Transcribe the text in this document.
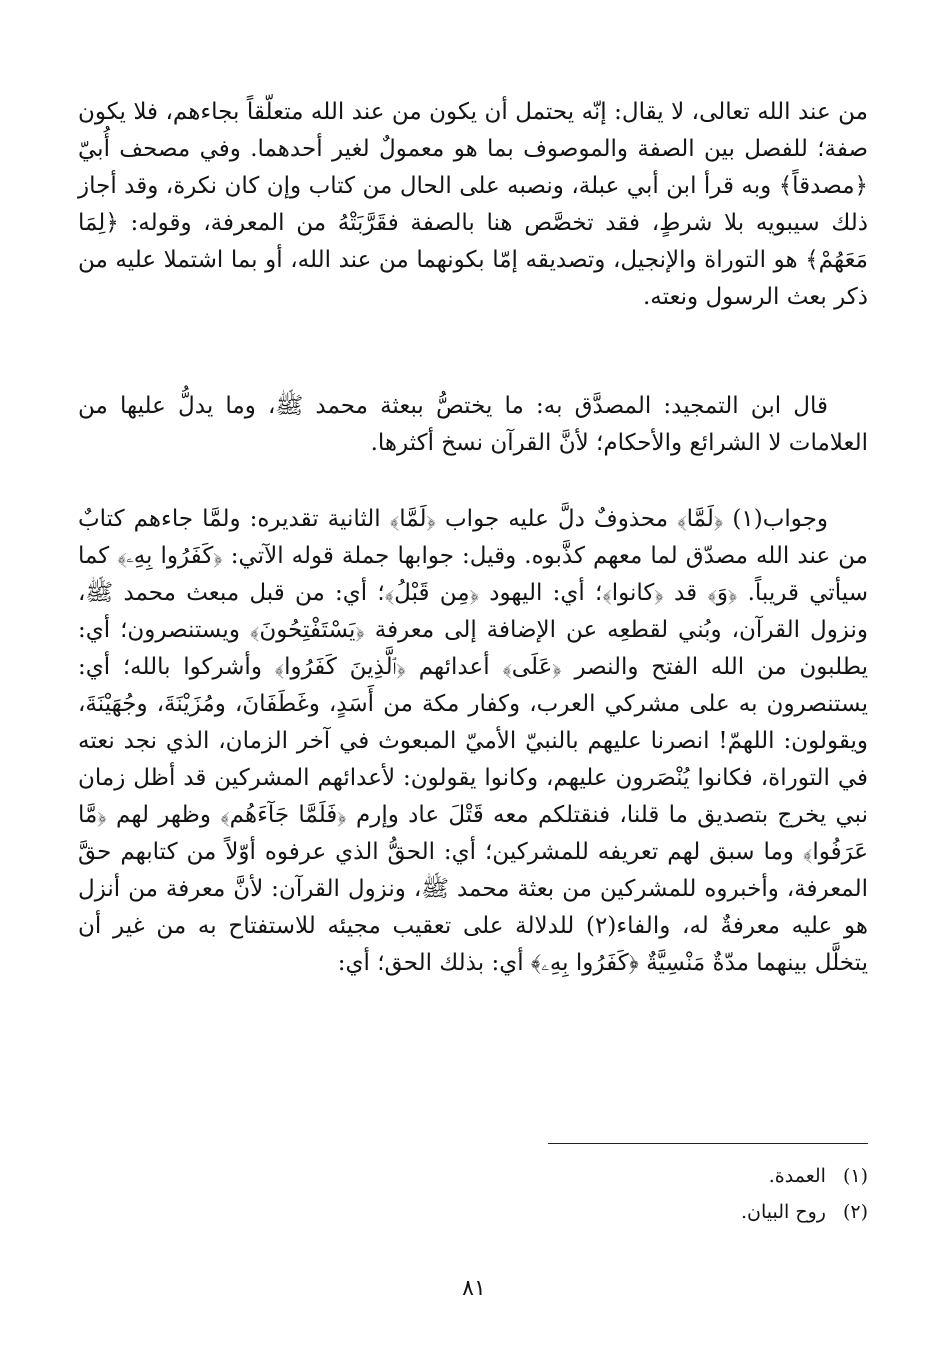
من عند الله تعالى، لا يقال: إنّه يحتمل أن يكون من عند الله متعلّقاً بجاءهم، فلا يكون صفة؛ للفصل بين الصفة والموصوف بما هو معمولٌ لغير أحدهما. وفي مصحف أُبيّ ﴿مصدقاً﴾ وبه قرأ ابن أبي عبلة، ونصبه على الحال من كتاب وإن كان نكرة، وقد أجاز ذلك سيبويه بلا شرطٍ، فقد تخصَّص هنا بالصفة فقَرَّبَتْهُ من المعرفة، وقوله: ﴿لِمَا مَعَهُمْ﴾ هو التوراة والإنجيل، وتصديقه إمّا بكونهما من عند الله، أو بما اشتملا عليه من ذكر بعث الرسول ونعته.

قال ابن التمجيد: المصدَّق به: ما يختصُّ ببعثة محمد ﷺ، وما يدلُّ عليها من العلامات لا الشرائع والأحكام؛ لأنَّ القرآن نسخ أكثرها.

وجواب(١) ﴿لَمَّا﴾ محذوفٌ دلَّ عليه جواب ﴿لَمَّا﴾ الثانية تقديره: ولمَّا جاءهم كتابٌ من عند الله مصدّق لما معهم كذَّبوه. وقيل: جوابها جملة قوله الآتي: ﴿كَفَرُوا بِهِۦ﴾ كما سيأتي قريباً. ﴿وَ﴾ قد ﴿كانوا﴾؛ أي: اليهود ﴿مِن قَبْلُ﴾؛ أي: من قبل مبعث محمد ﷺ، ونزول القرآن، وبُني لقطعِه عن الإضافة إلى معرفة ﴿يَسْتَفْتِحُونَ﴾ ويستنصرون؛ أي: يطلبون من الله الفتح والنصر ﴿عَلَى﴾ أعدائهم ﴿ٱلَّذِينَ كَفَرُوا﴾ وأشركوا بالله؛ أي: يستنصرون به على مشركي العرب، وكفار مكة من أَسَدٍ، وغَطَفَانَ، ومُزَيْنَةَ، وجُهَيْنَةَ، ويقولون: اللهمّ! انصرنا عليهم بالنبيّ الأميّ المبعوث في آخر الزمان، الذي نجد نعته في التوراة، فكانوا يُنْصَرون عليهم، وكانوا يقولون: لأعدائهم المشركين قد أظل زمان نبي يخرج بتصديق ما قلنا، فنقتلكم معه قَتْلَ عاد وإرم ﴿فَلَمَّا جَآءَهُم﴾ وظهر لهم ﴿مَّا عَرَفُوا﴾ وما سبق لهم تعريفه للمشركين؛ أي: الحقُّ الذي عرفوه أوّلاً من كتابهم حقَّ المعرفة، وأخبروه للمشركين من بعثة محمد ﷺ، ونزول القرآن: لأنَّ معرفة من أنزل هو عليه معرفةٌ له، والفاء(٢) للدلالة على تعقيب مجيئه للاستفتاح به من غير أن يتخلَّل بينهما مدّةٌ مَنْسِيَّةٌ ﴿كَفَرُوا بِهِۦ﴾ أي: بذلك الحق؛ أي:

(١) العمدة.
(٢) روح البيان.
٨١
